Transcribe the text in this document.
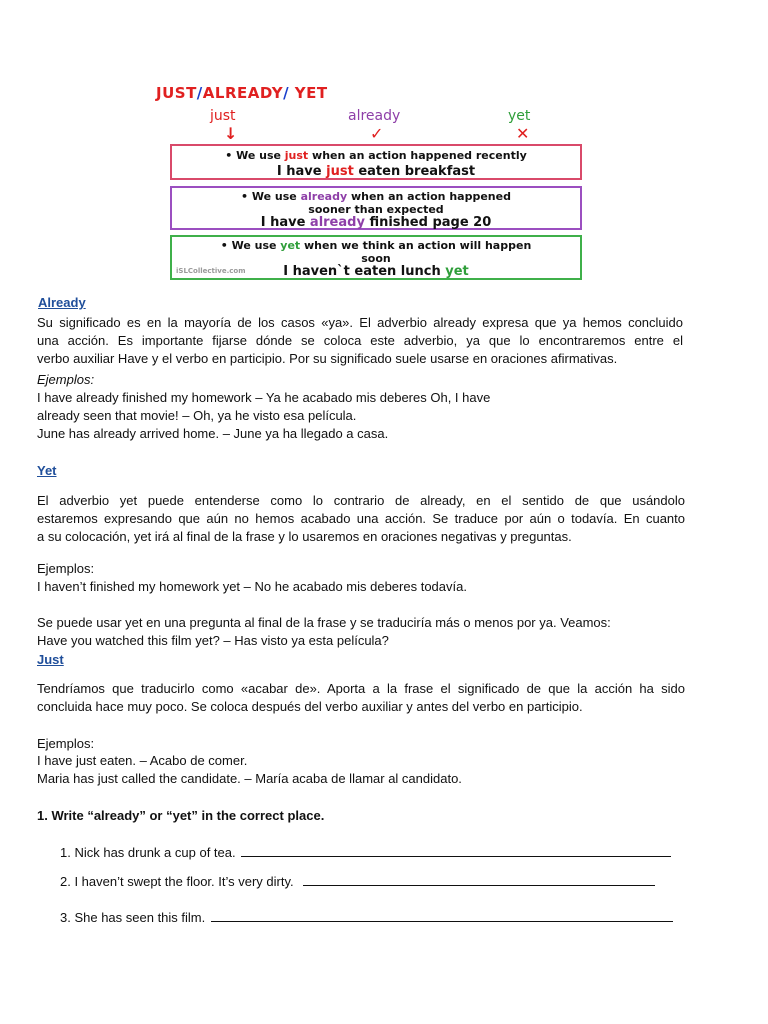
JUST/ALREADY/ YET
just	already	yet
↓	✓	✕
• We use just when an action happened recently
I have just eaten breakfast
• We use already when an action happened
sooner than expected
I have already finished page 20
• We use yet when we think an action will happen
soon
I haven`t eaten lunch yet
iSLCollective.com
Already
Su significado es en la mayoría de los casos «ya». El adverbio already expresa que ya hemos concluido
una acción. Es importante fijarse dónde se coloca este adverbio, ya que lo encontraremos entre el
verbo auxiliar Have y el verbo en participio. Por su significado suele usarse en oraciones afirmativas.
Ejemplos:
I have already finished my homework – Ya he acabado mis deberes Oh, I have
already seen that movie! – Oh, ya he visto esa película.
June has already arrived home. – June ya ha llegado a casa.
Yet
El adverbio yet puede entenderse como lo contrario de already, en el sentido de que usándolo
estaremos expresando que aún no hemos acabado una acción. Se traduce por aún o todavía. En cuanto
a su colocación, yet irá al final de la frase y lo usaremos en oraciones negativas y preguntas.
Ejemplos:
I haven’t finished my homework yet – No he acabado mis deberes todavía.
Se puede usar yet en una pregunta al final de la frase y se traduciría más o menos por ya. Veamos:
Have you watched this film yet? – Has visto ya esta película?
Just
Tendríamos que traducirlo como «acabar de». Aporta a la frase el significado de que la acción ha sido
concluida hace muy poco. Se coloca después del verbo auxiliar y antes del verbo en participio.
Ejemplos:
I have just eaten. – Acabo de comer.
Maria has just called the candidate. – María acaba de llamar al candidato.
1. Write “already” or “yet” in the correct place.
1. Nick has drunk a cup of tea.
2. I haven’t swept the floor. It’s very dirty.
3. She has seen this film.
